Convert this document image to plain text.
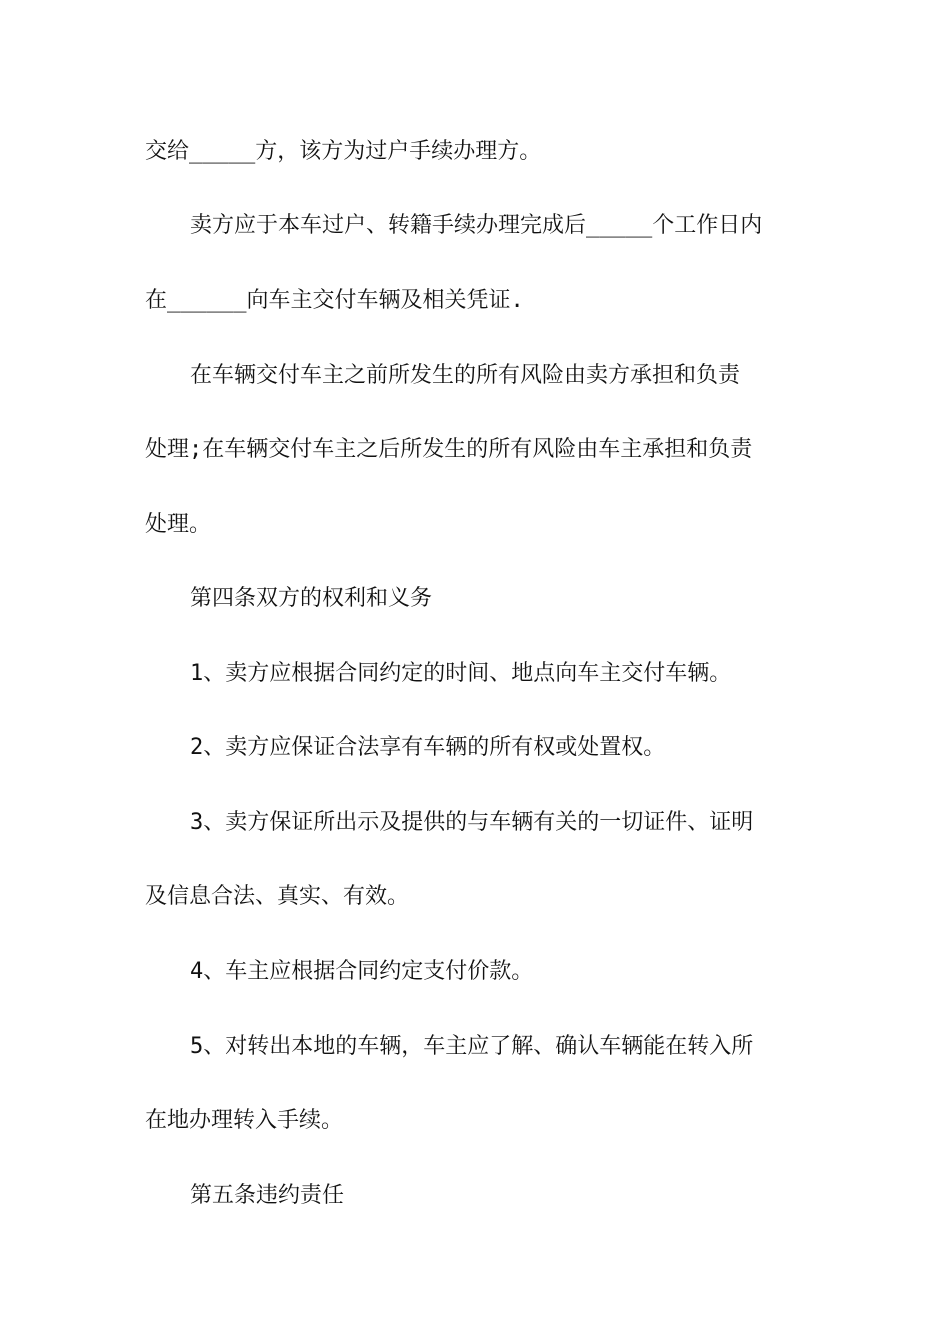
交给_____方，该方为过户手续办理方。

卖方应于本车过户、转籍手续办理完成后_____个工作日内

在______向车主交付车辆及相关凭证.

在车辆交付车主之前所发生的所有风险由卖方承担和负责

处理;在车辆交付车主之后所发生的所有风险由车主承担和负责

处理。

第四条双方的权利和义务

1、卖方应根据合同约定的时间、地点向车主交付车辆。

2、卖方应保证合法享有车辆的所有权或处置权。

3、卖方保证所出示及提供的与车辆有关的一切证件、证明

及信息合法、真实、有效。

4、车主应根据合同约定支付价款。

5、对转出本地的车辆，车主应了解、确认车辆能在转入所

在地办理转入手续。

第五条违约责任
